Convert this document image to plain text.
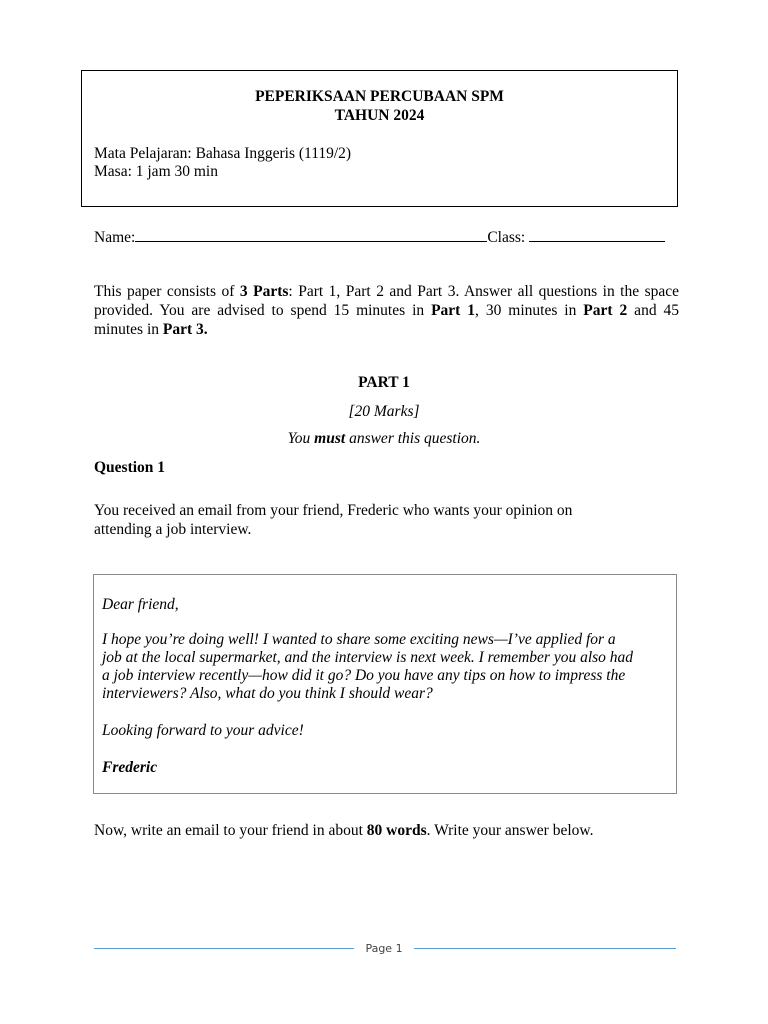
PEPERIKSAAN PERCUBAAN SPM
TAHUN 2024
Mata Pelajaran: Bahasa Inggeris (1119/2)
Masa: 1 jam 30 min
Name:	Class:
This paper consists of 3 Parts: Part 1, Part 2 and Part 3. Answer all questions in the space provided. You are advised to spend 15 minutes in Part 1, 30 minutes in Part 2 and 45 minutes in Part 3.
PART 1
[20 Marks]
You must answer this question.
Question 1
You received an email from your friend, Frederic who wants your opinion on
attending a job interview.
Dear friend,
I hope you’re doing well! I wanted to share some exciting news—I’ve applied for a
job at the local supermarket, and the interview is next week. I remember you also had
a job interview recently—how did it go? Do you have any tips on how to impress the
interviewers? Also, what do you think I should wear?
Looking forward to your advice!
Frederic
Now, write an email to your friend in about 80 words. Write your answer below.
Page 1
